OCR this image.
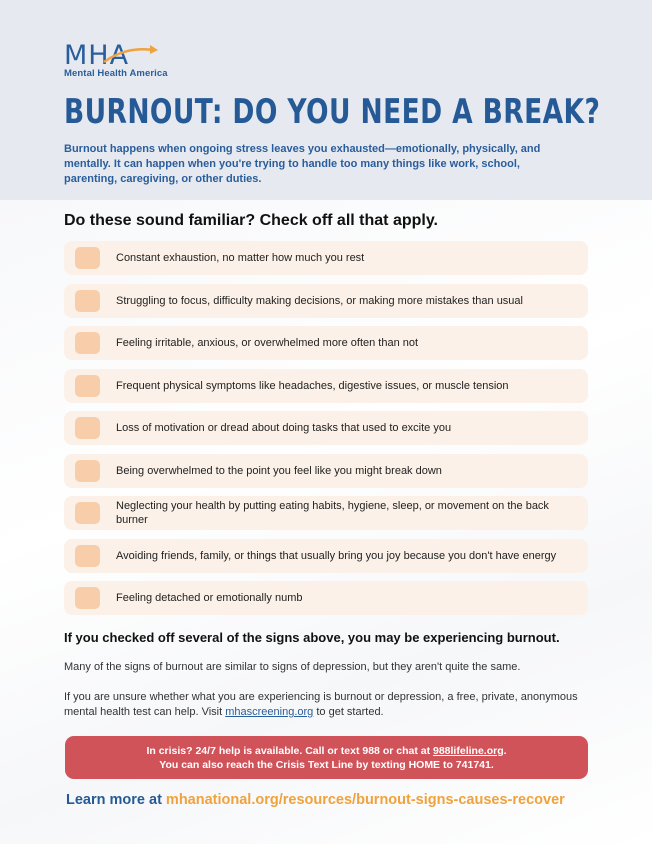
MHA
Mental Health America
BURNOUT: DO YOU NEED A BREAK?

Burnout happens when ongoing stress leaves you exhausted—emotionally, physically, and mentally. It can happen when you're trying to handle too many things like work, school, parenting, caregiving, or other duties.

Do these sound familiar? Check off all that apply.
Constant exhaustion, no matter how much you rest
Struggling to focus, difficulty making decisions, or making more mistakes than usual
Feeling irritable, anxious, or overwhelmed more often than not
Frequent physical symptoms like headaches, digestive issues, or muscle tension
Loss of motivation or dread about doing tasks that used to excite you
Being overwhelmed to the point you feel like you might break down
Neglecting your health by putting eating habits, hygiene, sleep, or movement on the back burner
Avoiding friends, family, or things that usually bring you joy because you don't have energy
Feeling detached or emotionally numb

If you checked off several of the signs above, you may be experiencing burnout.

Many of the signs of burnout are similar to signs of depression, but they aren't quite the same.

If you are unsure whether what you are experiencing is burnout or depression, a free, private, anonymous mental health test can help. Visit mhascreening.org to get started.

In crisis? 24/7 help is available. Call or text 988 or chat at 988lifeline.org.
You can also reach the Crisis Text Line by texting HOME to 741741.

Learn more at mhanational.org/resources/burnout-signs-causes-recover
